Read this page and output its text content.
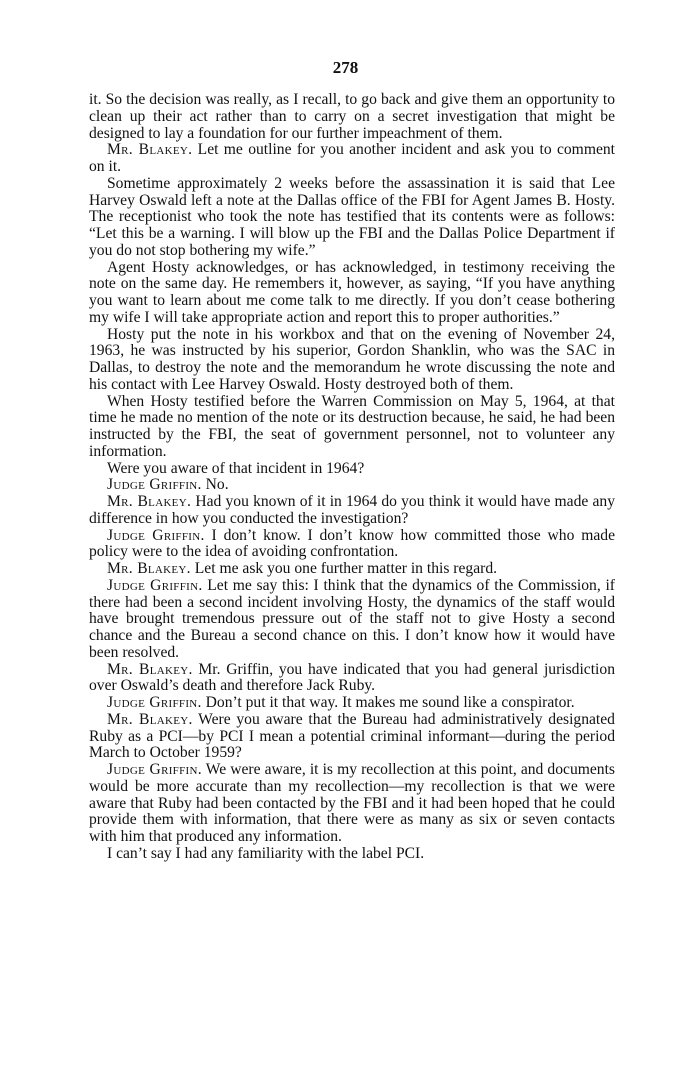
278

it. So the decision was really, as I recall, to go back and give them an opportunity to clean up their act rather than to carry on a secret investigation that might be designed to lay a foundation for our further impeachment of them.

Mr. Blakey. Let me outline for you another incident and ask you to comment on it.

Sometime approximately 2 weeks before the assassination it is said that Lee Harvey Oswald left a note at the Dallas office of the FBI for Agent James B. Hosty. The receptionist who took the note has testified that its contents were as follows: “Let this be a warning. I will blow up the FBI and the Dallas Police Department if you do not stop bothering my wife.”

Agent Hosty acknowledges, or has acknowledged, in testimony receiving the note on the same day. He remembers it, however, as saying, “If you have anything you want to learn about me come talk to me directly. If you don’t cease bothering my wife I will take appropriate action and report this to proper authorities.”

Hosty put the note in his workbox and that on the evening of November 24, 1963, he was instructed by his superior, Gordon Shanklin, who was the SAC in Dallas, to destroy the note and the memorandum he wrote discussing the note and his contact with Lee Harvey Oswald. Hosty destroyed both of them.

When Hosty testified before the Warren Commission on May 5, 1964, at that time he made no mention of the note or its destruction because, he said, he had been instructed by the FBI, the seat of government personnel, not to volunteer any information.

Were you aware of that incident in 1964?

Judge Griffin. No.

Mr. Blakey. Had you known of it in 1964 do you think it would have made any difference in how you conducted the investigation?

Judge Griffin. I don’t know. I don’t know how committed those who made policy were to the idea of avoiding confrontation.

Mr. Blakey. Let me ask you one further matter in this regard.

Judge Griffin. Let me say this: I think that the dynamics of the Commission, if there had been a second incident involving Hosty, the dynamics of the staff would have brought tremendous pressure out of the staff not to give Hosty a second chance and the Bureau a second chance on this. I don’t know how it would have been resolved.

Mr. Blakey. Mr. Griffin, you have indicated that you had general jurisdiction over Oswald’s death and therefore Jack Ruby.

Judge Griffin. Don’t put it that way. It makes me sound like a conspirator.

Mr. Blakey. Were you aware that the Bureau had administratively designated Ruby as a PCI—by PCI I mean a potential criminal informant—during the period March to October 1959?

Judge Griffin. We were aware, it is my recollection at this point, and documents would be more accurate than my recollection—my recollection is that we were aware that Ruby had been contacted by the FBI and it had been hoped that he could provide them with information, that there were as many as six or seven contacts with him that produced any information.

I can’t say I had any familiarity with the label PCI.
